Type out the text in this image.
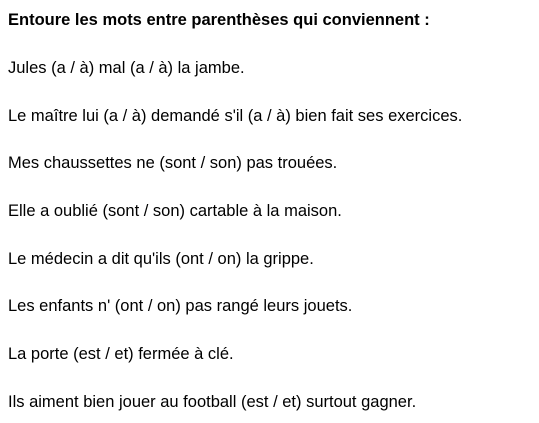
Entoure les mots entre parenthèses qui conviennent :

Jules (a / à) mal (a / à) la jambe.

Le maître lui (a / à) demandé s'il (a / à) bien fait ses exercices.

Mes chaussettes ne (sont / son) pas trouées.

Elle a oublié (sont / son) cartable à la maison.

Le médecin a dit qu'ils (ont / on) la grippe.

Les enfants n' (ont / on) pas rangé leurs jouets.

La porte (est / et) fermée à clé.

Ils aiment bien jouer au football (est / et) surtout gagner.
